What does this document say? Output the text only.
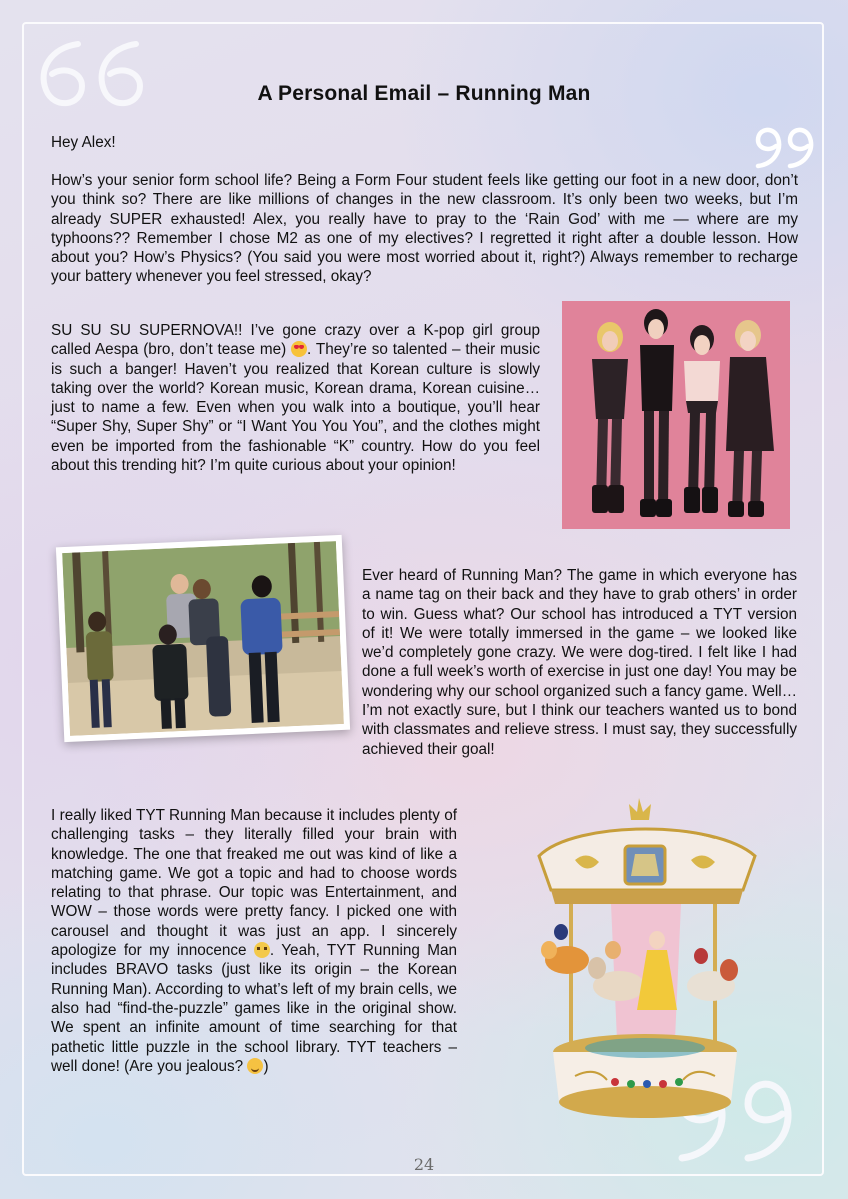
A Personal Email – Running Man

Hey Alex!

How’s your senior form school life? Being a Form Four student feels like getting our foot in a new door, don’t you think so? There are like millions of changes in the new classroom. It’s only been two weeks, but I’m already SUPER exhausted! Alex, you really have to pray to the ‘Rain God’ with me — where are my typhoons?? Remember I chose M2 as one of my electives? I regretted it right after a double lesson. How about you? How’s Physics? (You said you were most worried about it, right?) Always remember to recharge your battery whenever you feel stressed, okay?

SU SU SU SUPERNOVA!! I’ve gone crazy over a K-pop girl group called Aespa (bro, don’t tease me) . They’re so talented – their music is such a banger! Haven’t you realized that Korean culture is slowly taking over the world? Korean music, Korean drama, Korean cuisine… just to name a few. Even when you walk into a boutique, you’ll hear “Super Shy, Super Shy” or “I Want You You You”, and the clothes might even be imported from the fashionable “K” country. How do you feel about this trending hit? I’m quite curious about your opinion!

Ever heard of Running Man? The game in which everyone has a name tag on their back and they have to grab others’ in order to win. Guess what? Our school has introduced a TYT version of it! We were totally immersed in the game – we looked like we’d completely gone crazy. We were dog-tired. I felt like I had done a full week’s worth of exercise in just one day! You may be wondering why our school organized such a fancy game. Well… I’m not exactly sure, but I think our teachers wanted us to bond with classmates and relieve stress. I must say, they successfully achieved their goal!

I really liked TYT Running Man because it includes plenty of challenging tasks – they literally filled your brain with knowledge. The one that freaked me out was kind of like a matching game. We got a topic and had to choose words relating to that phrase. Our topic was Entertainment, and WOW – those words were pretty fancy. I picked one with carousel and thought it was just an app. I sincerely apologize for my innocence . Yeah, TYT Running Man includes BRAVO tasks (just like its origin – the Korean Running Man). According to what’s left of my brain cells, we also had “find-the-puzzle” games like in the original show. We spent an infinite amount of time searching for that pathetic little puzzle in the school library. TYT teachers – well done! (Are you jealous? )

24
